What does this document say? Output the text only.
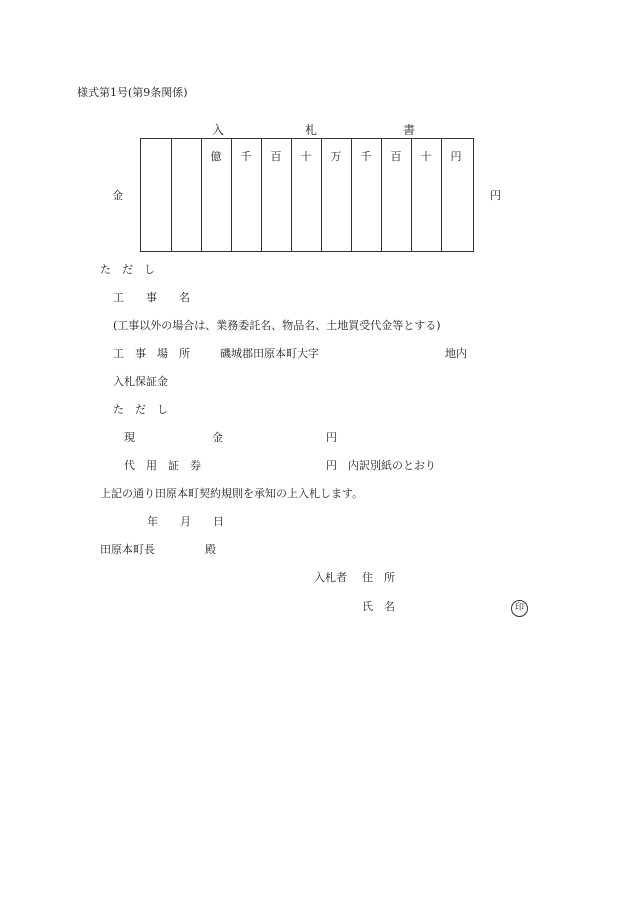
様式第1号(第9条関係)
入	札	書
金	円
億	千	百	十	万	千	百	十	円
た　だ　し
工　　事　　名
(工事以外の場合は、業務委託名、物品名、土地買受代金等とする)
工　事　場　所	磯城郡田原本町大字	地内
入札保証金
た　だ　し
現　　　　　　　金	円
代　用　証　券	円 内訳別紙のとおり
上記の通り田原本町契約規則を承知の上入札します。
年　　月　　日
田原本町長	殿
入札者 住　所
氏　名	印
